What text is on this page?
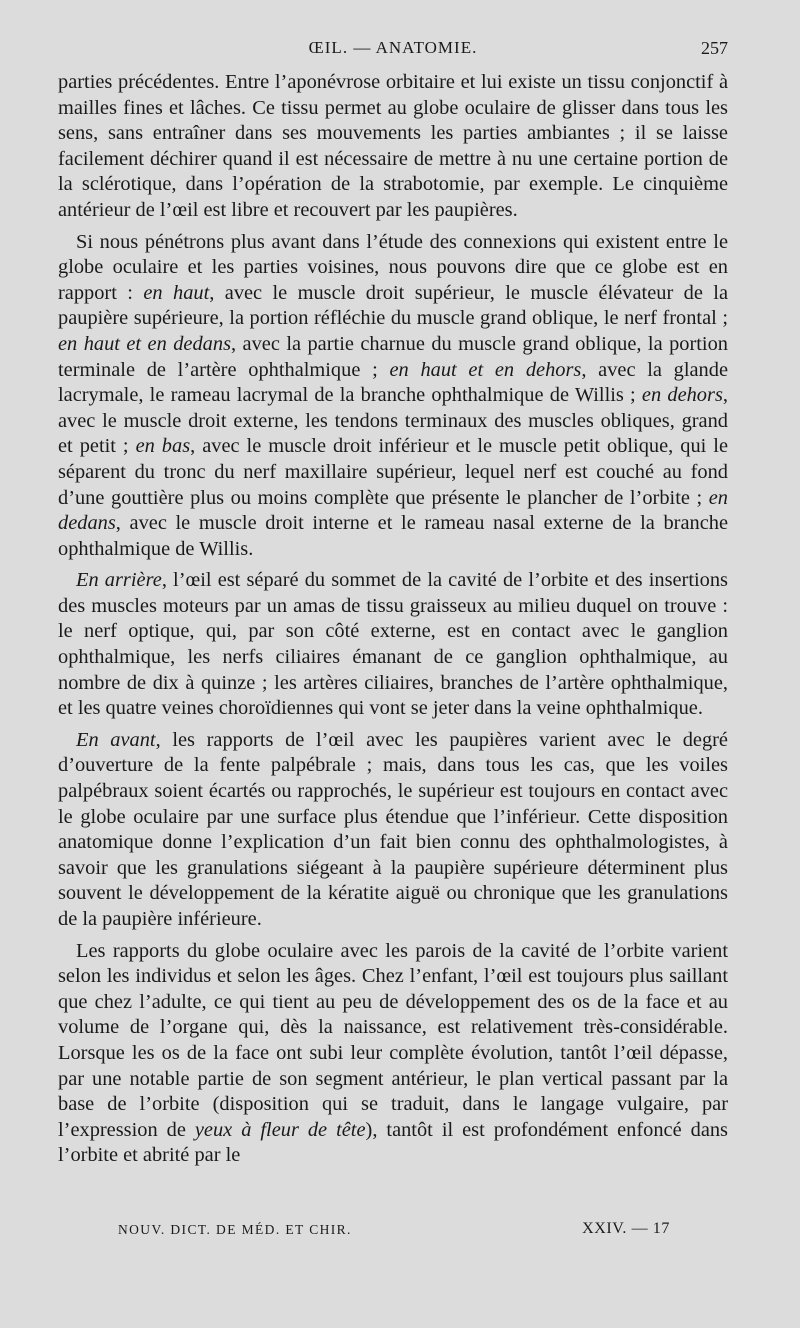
ŒIL. — ANATOMIE.	257

parties précédentes. Entre l’aponévrose orbitaire et lui existe un tissu conjonctif à mailles fines et lâches. Ce tissu permet au globe oculaire de glisser dans tous les sens, sans entraîner dans ses mouvements les parties ambiantes ; il se laisse facilement déchirer quand il est nécessaire de mettre à nu une certaine portion de la sclérotique, dans l’opération de la strabotomie, par exemple. Le cinquième antérieur de l’œil est libre et recouvert par les paupières.

Si nous pénétrons plus avant dans l’étude des connexions qui existent entre le globe oculaire et les parties voisines, nous pouvons dire que ce globe est en rapport : en haut, avec le muscle droit supérieur, le muscle élévateur de la paupière supérieure, la portion réfléchie du muscle grand oblique, le nerf frontal ; en haut et en dedans, avec la partie charnue du muscle grand oblique, la portion terminale de l’artère ophthalmique ; en haut et en dehors, avec la glande lacrymale, le rameau lacrymal de la branche ophthalmique de Willis ; en dehors, avec le muscle droit externe, les tendons terminaux des muscles obliques, grand et petit ; en bas, avec le muscle droit inférieur et le muscle petit oblique, qui le séparent du tronc du nerf maxillaire supérieur, lequel nerf est couché au fond d’une gouttière plus ou moins complète que présente le plancher de l’orbite ; en dedans, avec le muscle droit interne et le rameau nasal externe de la branche ophthalmique de Willis.

En arrière, l’œil est séparé du sommet de la cavité de l’orbite et des insertions des muscles moteurs par un amas de tissu graisseux au milieu duquel on trouve : le nerf optique, qui, par son côté externe, est en contact avec le ganglion ophthalmique, les nerfs ciliaires émanant de ce ganglion ophthalmique, au nombre de dix à quinze ; les artères ciliaires, branches de l’artère ophthalmique, et les quatre veines choroïdiennes qui vont se jeter dans la veine ophthalmique.

En avant, les rapports de l’œil avec les paupières varient avec le degré d’ouverture de la fente palpébrale ; mais, dans tous les cas, que les voiles palpébraux soient écartés ou rapprochés, le supérieur est toujours en contact avec le globe oculaire par une surface plus étendue que l’inférieur. Cette disposition anatomique donne l’explication d’un fait bien connu des ophthalmologistes, à savoir que les granulations siégeant à la paupière supérieure déterminent plus souvent le développement de la kératite aiguë ou chronique que les granulations de la paupière inférieure.

Les rapports du globe oculaire avec les parois de la cavité de l’orbite varient selon les individus et selon les âges. Chez l’enfant, l’œil est toujours plus saillant que chez l’adulte, ce qui tient au peu de développement des os de la face et au volume de l’organe qui, dès la naissance, est relativement très-considérable. Lorsque les os de la face ont subi leur complète évolution, tantôt l’œil dépasse, par une notable partie de son segment antérieur, le plan vertical passant par la base de l’orbite (disposition qui se traduit, dans le langage vulgaire, par l’expression de yeux à fleur de tête), tantôt il est profondément enfoncé dans l’orbite et abrité par le

NOUV. DICT. DE MÉD. ET CHIR.	XXIV. — 17
